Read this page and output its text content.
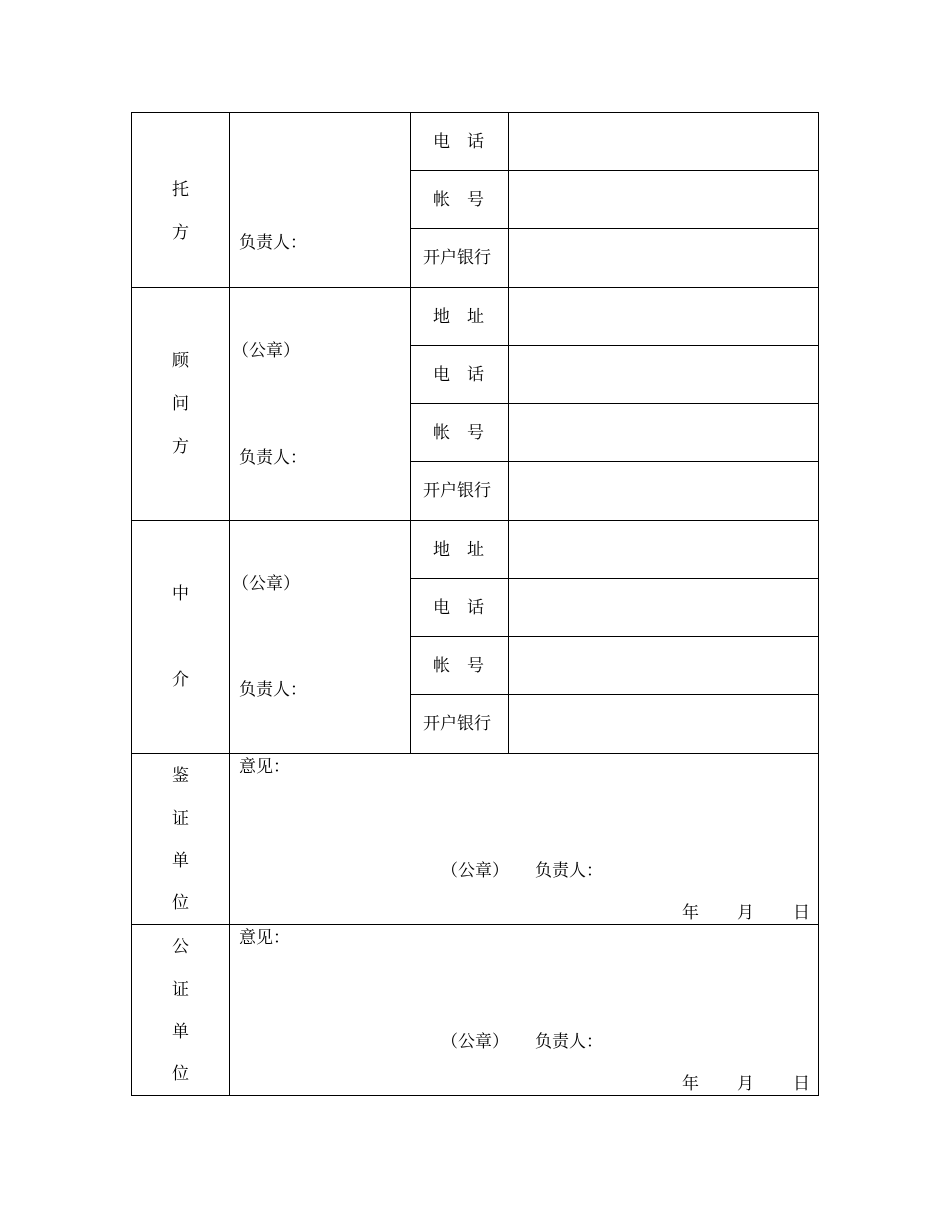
托
方	负责人：
电话
帐号
开户银行
顾
问
方
（公章）
负责人：
地址
电话
帐号
开户银行
中
介
（公章）
负责人：
地址
电话
帐号
开户银行
鉴
证
单
位
意见：
（公章） 负责人：
年 月 日
公
证
单
位
意见：
（公章） 负责人：
年 月 日
